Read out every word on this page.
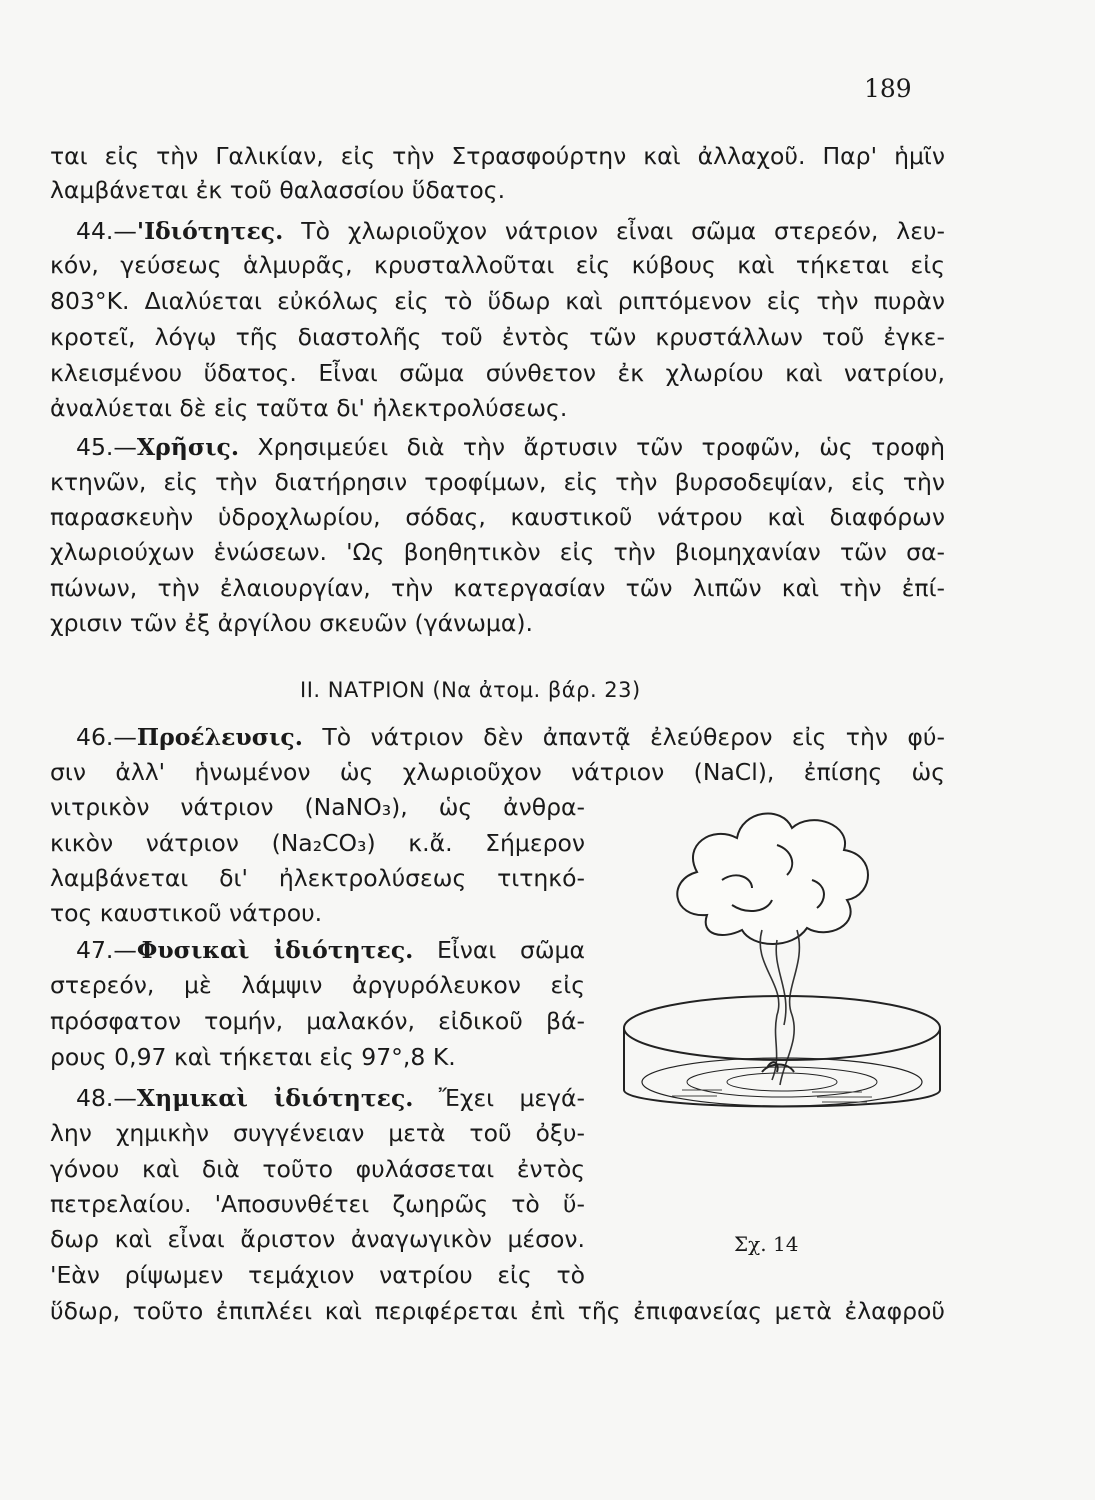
189
ται εἰς τὴν Γαλικίαν, εἰς τὴν Στρασφούρτην καὶ ἀλλαχοῦ. Παρ' ἡμῖν
λαμβάνεται ἐκ τοῦ θαλασσίου ὕδατος.
44.—'Ιδιότητες. Τὸ χλωριοῦχον νάτριον εἶναι σῶμα στερεόν, λευ-
κόν, γεύσεως ἁλμυρᾶς, κρυσταλλοῦται εἰς κύβους καὶ τήκεται εἰς
803°Κ. Διαλύεται εὐκόλως εἰς τὸ ὕδωρ καὶ ριπτόμενον εἰς τὴν πυρὰν
κροτεῖ, λόγῳ τῆς διαστολῆς τοῦ ἐντὸς τῶν κρυστάλλων τοῦ ἐγκε-
κλεισμένου ὕδατος. Εἶναι σῶμα σύνθετον ἐκ χλωρίου καὶ νατρίου,
ἀναλύεται δὲ εἰς ταῦτα δι' ἠλεκτρολύσεως.
45.—Χρῆσις. Χρησιμεύει διὰ τὴν ἄρτυσιν τῶν τροφῶν, ὡς τροφὴ
κτηνῶν, εἰς τὴν διατήρησιν τροφίμων, εἰς τὴν βυρσοδεψίαν, εἰς τὴν
παρασκευὴν ὑδροχλωρίου, σόδας, καυστικοῦ νάτρου καὶ διαφόρων
χλωριούχων ἑνώσεων. 'Ως βοηθητικὸν εἰς τὴν βιομηχανίαν τῶν σα-
πώνων, τὴν ἐλαιουργίαν, τὴν κατεργασίαν τῶν λιπῶν καὶ τὴν ἐπί-
χρισιν τῶν ἐξ ἀργίλου σκευῶν (γάνωμα).
ΙΙ. ΝΑΤΡΙΟΝ (Να ἀτομ. βάρ. 23)
46.—Προέλευσις. Τὸ νάτριον δὲν ἀπαντᾷ ἐλεύθερον εἰς τὴν φύ-
σιν ἀλλ' ἡνωμένον ὡς χλωριοῦχον νάτριον (NaCl), ἐπίσης ὡς
νιτρικὸν νάτριον (NaNO₃), ὡς ἀνθρα-
κικὸν νάτριον (Na₂CO₃) κ.ἄ. Σήμερον
λαμβάνεται δι' ἠλεκτρολύσεως τιτηκό-
τος καυστικοῦ νάτρου.
47.—Φυσικαὶ ἰδιότητες. Εἶναι σῶμα
στερεόν, μὲ λάμψιν ἀργυρόλευκον εἰς
πρόσφατον τομήν, μαλακόν, εἰδικοῦ βά-
ρους 0,97 καὶ τήκεται εἰς 97°,8 Κ.
48.—Χημικαὶ ἰδιότητες. Ἔχει μεγά-
λην χημικὴν συγγένειαν μετὰ τοῦ ὀξυ-
γόνου καὶ διὰ τοῦτο φυλάσσεται ἐντὸς
πετρελαίου. 'Αποσυνθέτει ζωηρῶς τὸ ὕ-
δωρ καὶ εἶναι ἄριστον ἀναγωγικὸν μέσον.
'Εὰν ρίψωμεν τεμάχιον νατρίου εἰς τὸ
ὕδωρ, τοῦτο ἐπιπλέει καὶ περιφέρεται ἐπὶ τῆς ἐπιφανείας μετὰ ἐλαφροῦ
Σχ. 14
